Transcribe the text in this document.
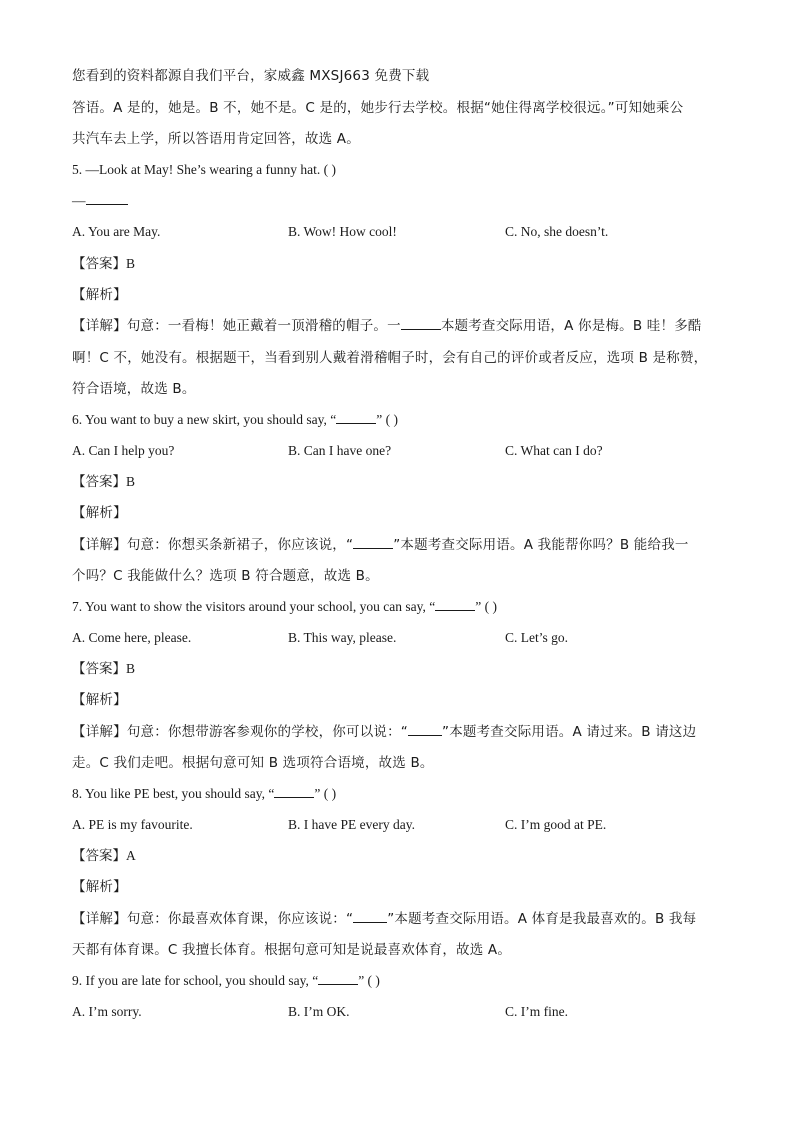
您看到的资料都源自我们平台，家威鑫 MXSJ663 免费下载
答语。A 是的，她是。B 不，她不是。C 是的，她步行去学校。根据“她住得离学校很远。”可知她乘公
共汽车去上学，所以答语用肯定回答，故选 A。
5. —Look at May! She’s wearing a funny hat. ( )
—
A. You are May.	B. Wow! How cool!	C. No, she doesn’t.
【答案】B
【解析】
【详解】句意：一看梅！她正戴着一顶滑稽的帽子。一	本题考查交际用语，A 你是梅。B 哇！多酷
啊！C 不，她没有。根据题干，当看到别人戴着滑稽帽子时，会有自己的评价或者反应，选项 B 是称赞，
符合语境，故选 B。
6. You want to buy a new skirt, you should say, “	” ( )
A. Can I help you?	B. Can I have one?	C. What can I do?
【答案】B
【解析】
【详解】句意：你想买条新裙子，你应该说，“	”本题考查交际用语。A 我能帮你吗？B 能给我一
个吗？C 我能做什么？选项 B 符合题意，故选 B。
7. You want to show the visitors around your school, you can say, “	” ( )
A. Come here, please.	B. This way, please.	C. Let’s go.
【答案】B
【解析】
【详解】句意：你想带游客参观你的学校，你可以说：“	”本题考查交际用语。A 请过来。B 请这边
走。C 我们走吧。根据句意可知 B 选项符合语境，故选 B。
8. You like PE best, you should say, “	” ( )
A. PE is my favourite.	B. I have PE every day.	C. I’m good at PE.
【答案】A
【解析】
【详解】句意：你最喜欢体育课，你应该说：“	”本题考查交际用语。A 体育是我最喜欢的。B 我每
天都有体育课。C 我擅长体育。根据句意可知是说最喜欢体育，故选 A。
9. If you are late for school, you should say, “	” ( )
A. I’m sorry.	B. I’m OK.	C. I’m fine.
